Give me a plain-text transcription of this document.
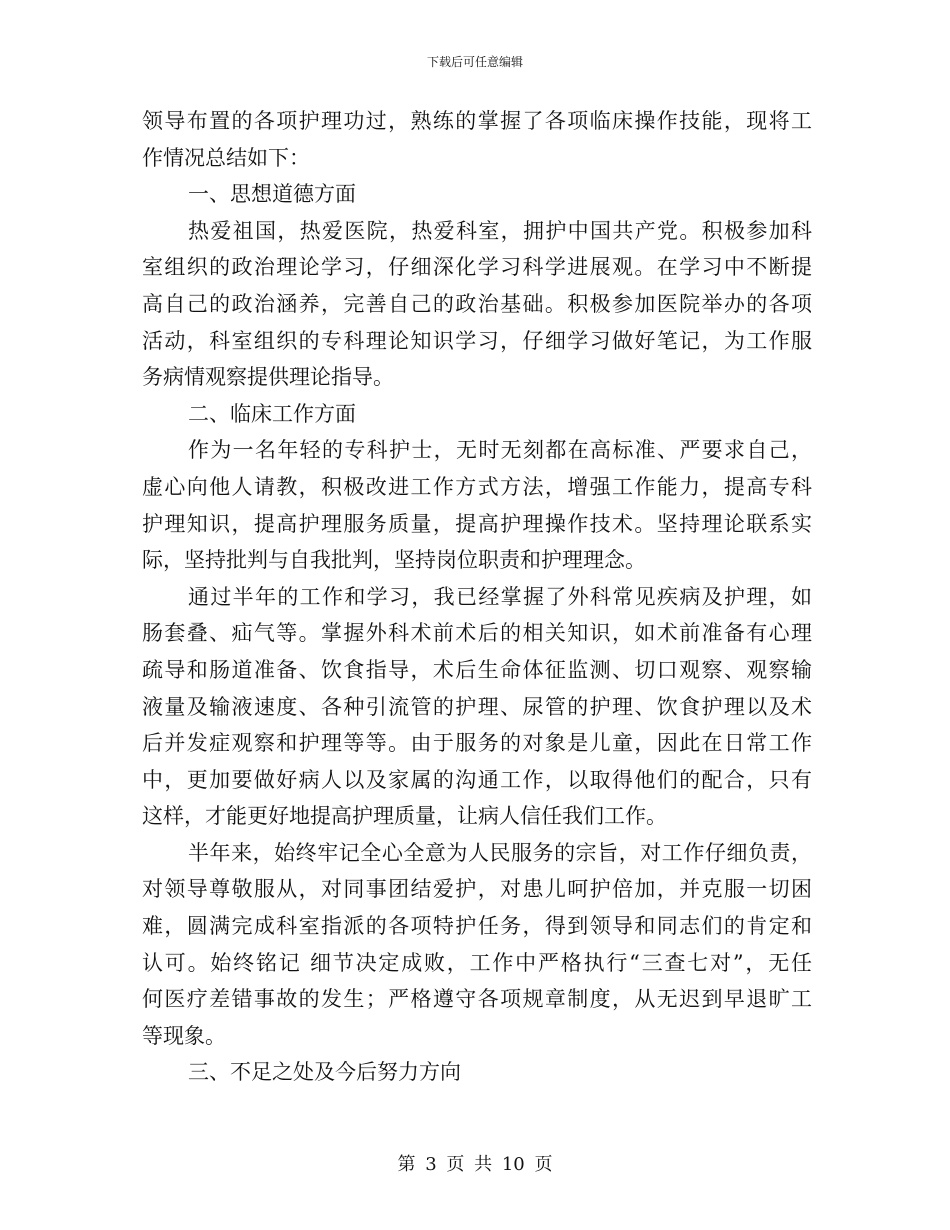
下载后可任意编辑
领导布置的各项护理功过，熟练的掌握了各项临床操作技能，现将工
作情况总结如下：
一、思想道德方面
热爱祖国，热爱医院，热爱科室，拥护中国共产党。积极参加科
室组织的政治理论学习，仔细深化学习科学进展观。在学习中不断提
高自己的政治涵养，完善自己的政治基础。积极参加医院举办的各项
活动，科室组织的专科理论知识学习，仔细学习做好笔记，为工作服
务病情观察提供理论指导。
二、临床工作方面
作为一名年轻的专科护士，无时无刻都在高标准、严要求自己，
虚心向他人请教，积极改进工作方式方法，增强工作能力，提高专科
护理知识，提高护理服务质量，提高护理操作技术。坚持理论联系实
际，坚持批判与自我批判，坚持岗位职责和护理理念。
通过半年的工作和学习，我已经掌握了外科常见疾病及护理，如
肠套叠、疝气等。掌握外科术前术后的相关知识，如术前准备有心理
疏导和肠道准备、饮食指导，术后生命体征监测、切口观察、观察输
液量及输液速度、各种引流管的护理、尿管的护理、饮食护理以及术
后并发症观察和护理等等。由于服务的对象是儿童，因此在日常工作
中，更加要做好病人以及家属的沟通工作，以取得他们的配合，只有
这样，才能更好地提高护理质量，让病人信任我们工作。
半年来，始终牢记全心全意为人民服务的宗旨，对工作仔细负责，
对领导尊敬服从，对同事团结爱护，对患儿呵护倍加，并克服一切困
难，圆满完成科室指派的各项特护任务，得到领导和同志们的肯定和
认可。始终铭记 细节决定成败，工作中严格执行“三查七对”，无任
何医疗差错事故的发生；严格遵守各项规章制度，从无迟到早退旷工
等现象。
三、不足之处及今后努力方向
第 3 页 共 10 页
